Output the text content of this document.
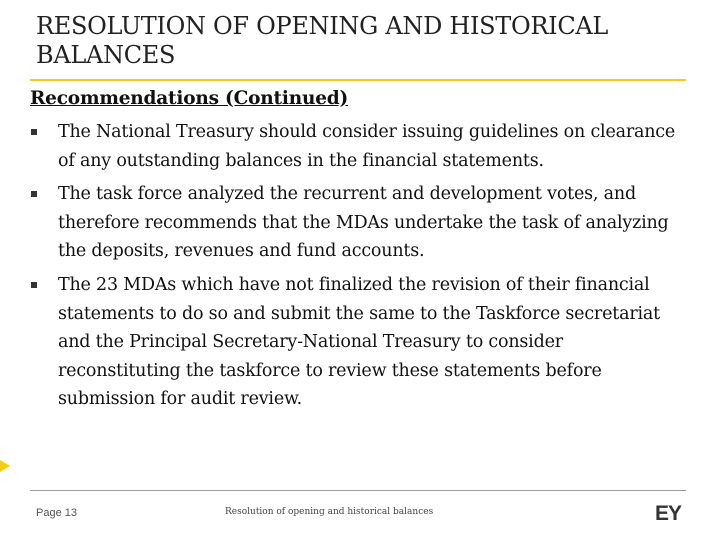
RESOLUTION OF OPENING AND HISTORICAL BALANCES
Recommendations (Continued)
The National Treasury should consider issuing guidelines on clearance of any outstanding balances in the financial statements.
The task force analyzed the recurrent and development votes, and therefore recommends that the MDAs undertake the task of analyzing the deposits, revenues and fund accounts.
The 23 MDAs which have not finalized the revision of their financial statements to do so and submit the same to the Taskforce secretariat and the Principal Secretary-National Treasury to consider reconstituting the taskforce to review these statements before submission for audit review.
Page 13	Resolution of opening and historical balances	EY
